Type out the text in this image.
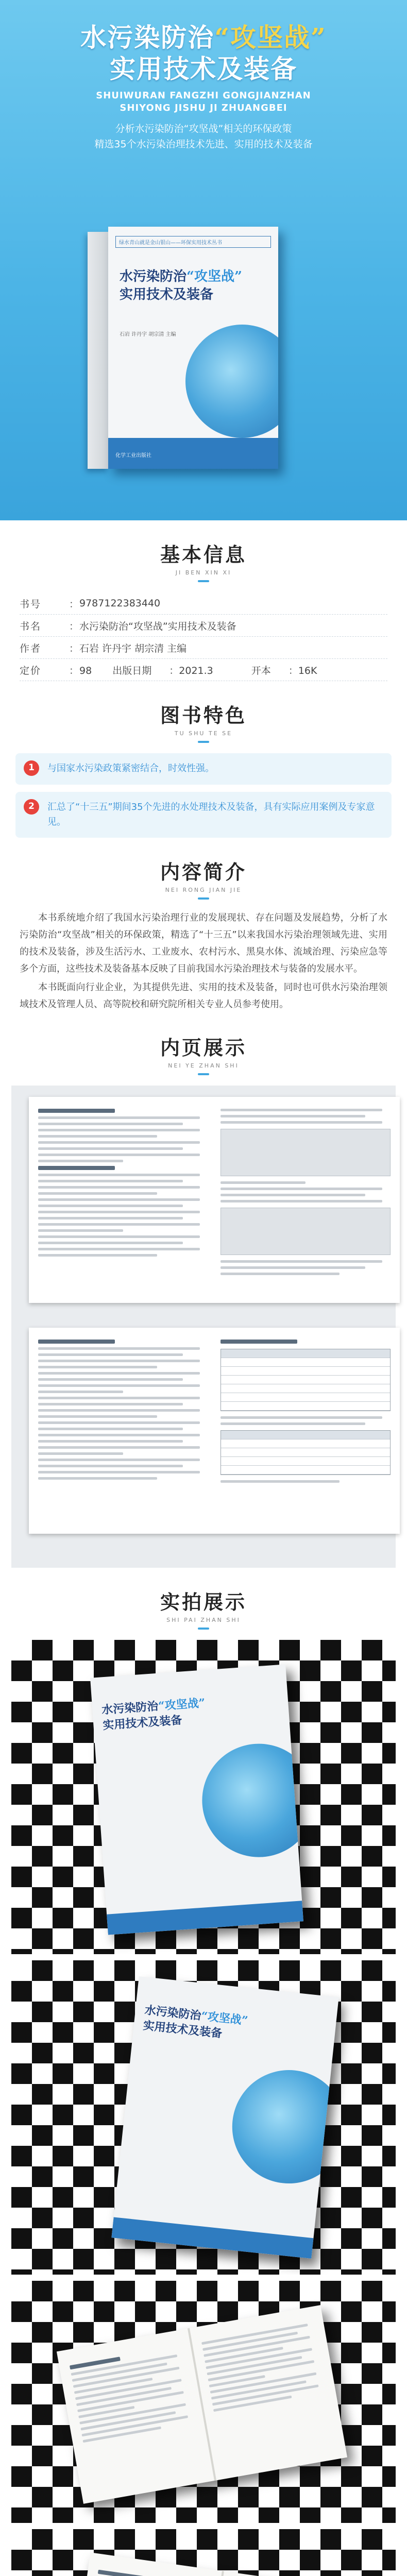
水污染防治“攻坚战”
实用技术及装备
SHUIWURAN FANGZHI GONGJIANZHAN
SHIYONG JISHU JI ZHUANGBEI
分析水污染防治“攻坚战”相关的环保政策
精选35个水污染治理技术先进、实用的技术及装备
绿水青山就是金山银山——环保实用技术丛书
水污染防治“攻坚战”
实用技术及装备
石岩 许丹宇 胡宗清 主编
化学工业出版社
基本信息
JI BEN XIN XI
书号	： 9787122383440
书名	： 水污染防治“攻坚战”实用技术及装备
作者	： 石岩 许丹宇 胡宗清 主编
定价	： 98 出版日期 ：2021.3	开本 ：16K
图书特色
TU SHU TE SE
1	与国家水污染政策紧密结合，时效性强。
2	汇总了“十三五”期间35个先进的水处理技术及装备，具有实际应用案例及专家意见。
内容简介
NEI RONG JIAN JIE

本书系统地介绍了我国水污染治理行业的发展现状、存在问题及发展趋势，分析了水污染防治“攻坚战”相关的环保政策，精选了“十三五”以来我国水污染治理领域先进、实用的技术及装备，涉及生活污水、工业废水、农村污水、黑臭水体、流域治理、污染应急等多个方面，这些技术及装备基本反映了目前我国水污染治理技术与装备的发展水平。

本书既面向行业企业，为其提供先进、实用的技术及装备，同时也可供水污染治理领域技术及管理人员、高等院校和研究院所相关专业人员参考使用。

内页展示
NEI YE ZHAN SHI
实拍展示
SHI PAI ZHAN SHI
水污染防治“攻坚战”
实用技术及装备
水污染防治“攻坚战”
实用技术及装备
